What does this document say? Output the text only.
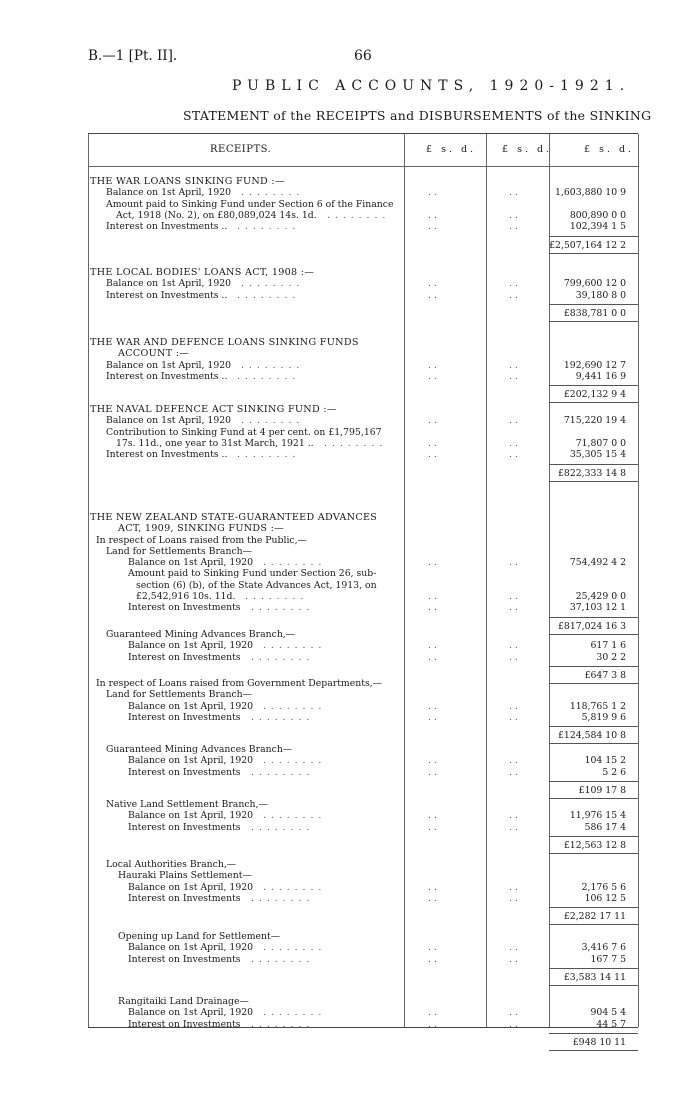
B.—1 [Pt. II].	66
PUBLIC ACCOUNTS, 1920-1921.
STATEMENT of the RECEIPTS and DISBURSEMENTS of the SINKING
RECEIPTS.	£ s. d.	£ s. d.	£ s. d.
THE WAR LOANS SINKING FUND :—
Balance on 1st April, 1920 . . . . . . . .	. .	. .	1,603,880 10 9
Amount paid to Sinking Fund under Section 6 of the Finance
Act, 1918 (No. 2), on £80,089,024 14s. 1d. . . . . . . . .	. .	. .	800,890 0 0
Interest on Investments .. . . . . . . . .	. .	. .	102,394 1 5
£2,507,164 12 2
THE LOCAL BODIES' LOANS ACT, 1908 :—
Balance on 1st April, 1920 . . . . . . . .	. .	. .	799,600 12 0
Interest on Investments .. . . . . . . . .	. .	. .	39,180 8 0
£838,781 0 0
THE WAR AND DEFENCE LOANS SINKING FUNDS
ACCOUNT :—
Balance on 1st April, 1920 . . . . . . . .	. .	. .	192,690 12 7
Interest on Investments .. . . . . . . . .	. .	. .	9,441 16 9
£202,132 9 4
THE NAVAL DEFENCE ACT SINKING FUND :—
Balance on 1st April, 1920 . . . . . . . .	. .	. .	715,220 19 4
Contribution to Sinking Fund at 4 per cent. on £1,795,167
17s. 11d., one year to 31st March, 1921 .. . . . . . . . .	. .	. .	71,807 0 0
Interest on Investments .. . . . . . . . .	. .	. .	35,305 15 4
£822,333 14 8
THE NEW ZEALAND STATE-GUARANTEED ADVANCES
ACT, 1909, SINKING FUNDS :—
In respect of Loans raised from the Public,—
Land for Settlements Branch—
Balance on 1st April, 1920 . . . . . . . .	. .	. .	754,492 4 2
Amount paid to Sinking Fund under Section 26, sub-
section (6) (b), of the State Advances Act, 1913, on
£2,542,916 10s. 11d. . . . . . . . .	. .	. .	25,429 0 0
Interest on Investments . . . . . . . .	. .	. .	37,103 12 1
£817,024 16 3
Guaranteed Mining Advances Branch,—
Balance on 1st April, 1920 . . . . . . . .	. .	. .	617 1 6
Interest on Investments . . . . . . . .	. .	. .	30 2 2
£647 3 8
In respect of Loans raised from Government Departments,—
Land for Settlements Branch—
Balance on 1st April, 1920 . . . . . . . .	. .	. .	118,765 1 2
Interest on Investments . . . . . . . .	. .	. .	5,819 9 6
£124,584 10 8
Guaranteed Mining Advances Branch—
Balance on 1st April, 1920 . . . . . . . .	. .	. .	104 15 2
Interest on Investments . . . . . . . .	. .	. .	5 2 6
£109 17 8
Native Land Settlement Branch,—
Balance on 1st April, 1920 . . . . . . . .	. .	. .	11,976 15 4
Interest on Investments . . . . . . . .	. .	. .	586 17 4
£12,563 12 8
Local Authorities Branch,—
Hauraki Plains Settlement—
Balance on 1st April, 1920 . . . . . . . .	. .	. .	2,176 5 6
Interest on Investments . . . . . . . .	. .	. .	106 12 5
£2,282 17 11
Opening up Land for Settlement—
Balance on 1st April, 1920 . . . . . . . .	. .	. .	3,416 7 6
Interest on Investments . . . . . . . .	. .	. .	167 7 5
£3,583 14 11
Rangitaiki Land Drainage—
Balance on 1st April, 1920 . . . . . . . .	. .	. .	904 5 4
Interest on Investments . . . . . . . .	. .	. .	44 5 7
£948 10 11
